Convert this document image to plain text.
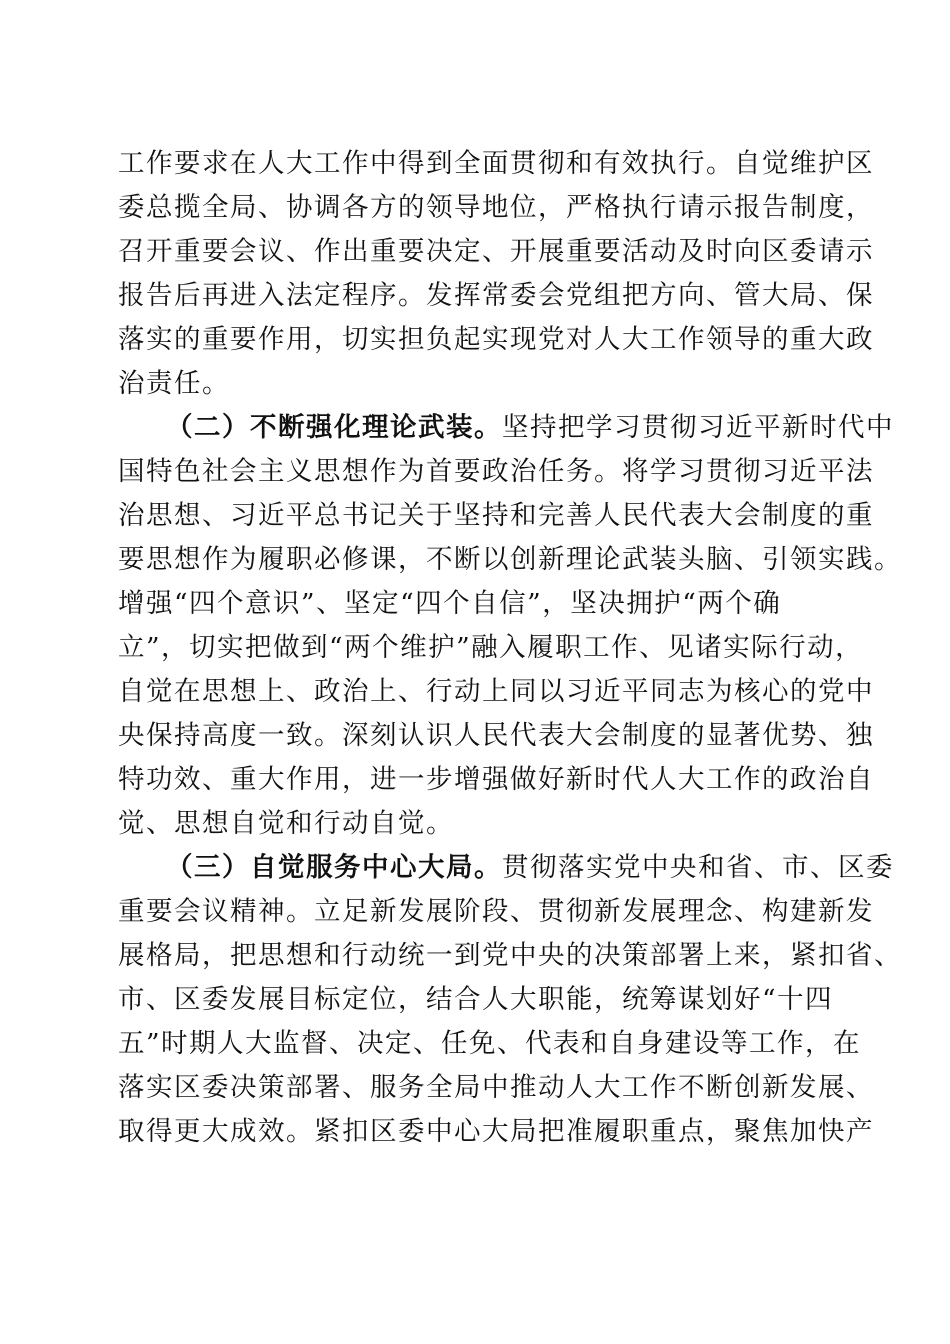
工作要求在人大工作中得到全面贯彻和有效执行。自觉维护区
委总揽全局、协调各方的领导地位，严格执行请示报告制度，
召开重要会议、作出重要决定、开展重要活动及时向区委请示
报告后再进入法定程序。发挥常委会党组把方向、管大局、保
落实的重要作用，切实担负起实现党对人大工作领导的重大政
治责任。
（二）不断强化理论武装。坚持把学习贯彻习近平新时代中
国特色社会主义思想作为首要政治任务。将学习贯彻习近平法
治思想、习近平总书记关于坚持和完善人民代表大会制度的重
要思想作为履职必修课，不断以创新理论武装头脑、引领实践。
增强“四个意识”、坚定“四个自信”，坚决拥护“两个确
立”，切实把做到“两个维护”融入履职工作、见诸实际行动，
自觉在思想上、政治上、行动上同以习近平同志为核心的党中
央保持高度一致。深刻认识人民代表大会制度的显著优势、独
特功效、重大作用，进一步增强做好新时代人大工作的政治自
觉、思想自觉和行动自觉。
（三）自觉服务中心大局。贯彻落实党中央和省、市、区委
重要会议精神。立足新发展阶段、贯彻新发展理念、构建新发
展格局，把思想和行动统一到党中央的决策部署上来，紧扣省、
市、区委发展目标定位，结合人大职能，统筹谋划好“十四
五”时期人大监督、决定、任免、代表和自身建设等工作，在
落实区委决策部署、服务全局中推动人大工作不断创新发展、
取得更大成效。紧扣区委中心大局把准履职重点，聚焦加快产
